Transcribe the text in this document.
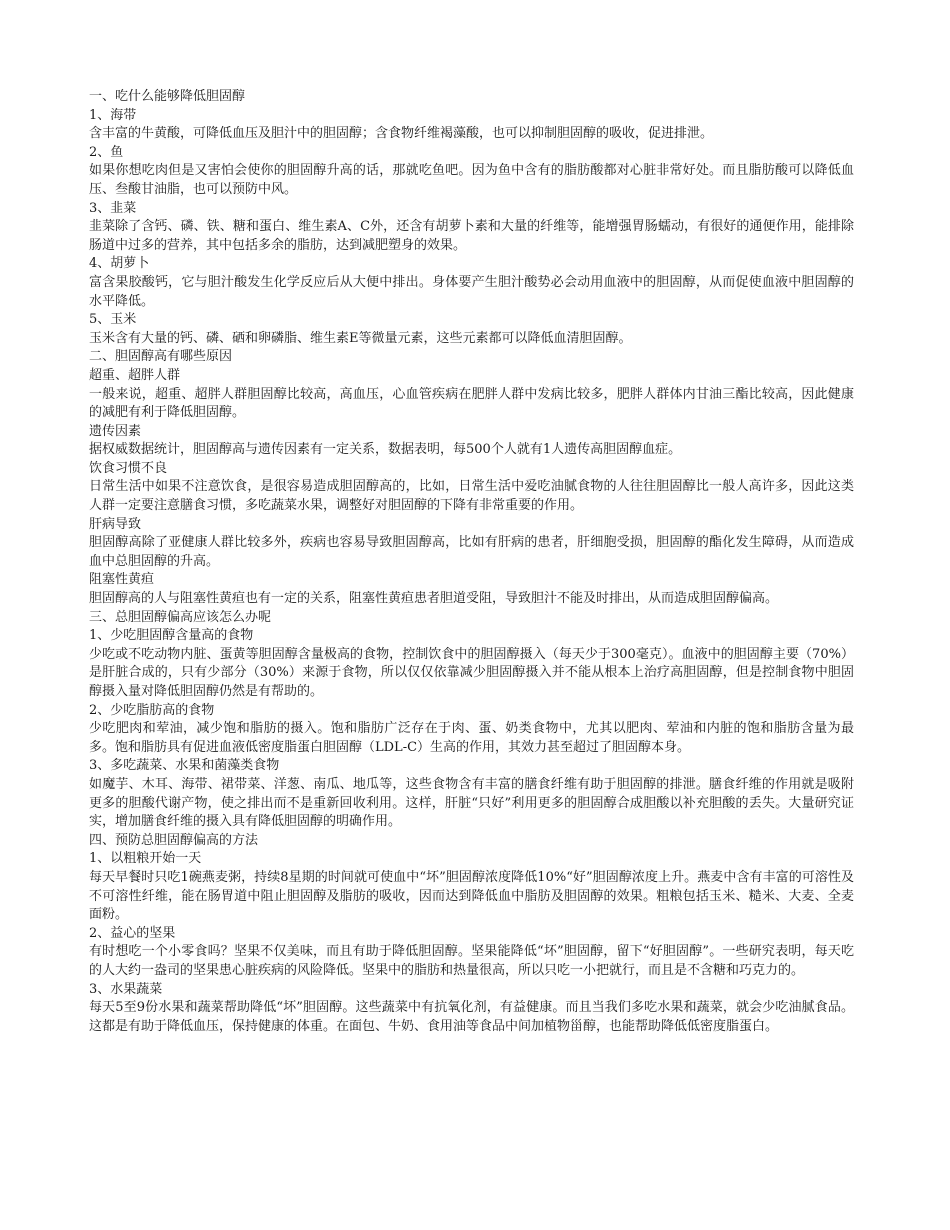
一、吃什么能够降低胆固醇

1、海带

含丰富的牛黄酸，可降低血压及胆汁中的胆固醇；含食物纤维褐藻酸，也可以抑制胆固醇的吸收，促进排泄。

2、鱼

如果你想吃肉但是又害怕会使你的胆固醇升高的话，那就吃鱼吧。因为鱼中含有的脂肪酸都对心脏非常好处。而且脂肪酸可以降低血压、叁酸甘油脂，也可以预防中风。

3、韭菜

韭菜除了含钙、磷、铁、糖和蛋白、维生素A、C外，还含有胡萝卜素和大量的纤维等，能增强胃肠蠕动，有很好的通便作用，能排除肠道中过多的营养，其中包括多余的脂肪，达到减肥塑身的效果。

4、胡萝卜

富含果胶酸钙，它与胆汁酸发生化学反应后从大便中排出。身体要产生胆汁酸势必会动用血液中的胆固醇，从而促使血液中胆固醇的水平降低。

5、玉米

玉米含有大量的钙、磷、硒和卵磷脂、维生素E等微量元素，这些元素都可以降低血清胆固醇。

二、胆固醇高有哪些原因

超重、超胖人群

一般来说，超重、超胖人群胆固醇比较高，高血压，心血管疾病在肥胖人群中发病比较多，肥胖人群体内甘油三酯比较高，因此健康的减肥有利于降低胆固醇。

遗传因素

据权威数据统计，胆固醇高与遗传因素有一定关系，数据表明，每500个人就有1人遗传高胆固醇血症。

饮食习惯不良

日常生活中如果不注意饮食，是很容易造成胆固醇高的，比如，日常生活中爱吃油腻食物的人往往胆固醇比一般人高许多，因此这类人群一定要注意膳食习惯，多吃蔬菜水果，调整好对胆固醇的下降有非常重要的作用。

肝病导致

胆固醇高除了亚健康人群比较多外，疾病也容易导致胆固醇高，比如有肝病的患者，肝细胞受损，胆固醇的酯化发生障碍，从而造成血中总胆固醇的升高。

阻塞性黄疸

胆固醇高的人与阻塞性黄疸也有一定的关系，阻塞性黄疸患者胆道受阻，导致胆汁不能及时排出，从而造成胆固醇偏高。

三、总胆固醇偏高应该怎么办呢

1、少吃胆固醇含量高的食物

少吃或不吃动物内脏、蛋黄等胆固醇含量极高的食物，控制饮食中的胆固醇摄入（每天少于300毫克）。血液中的胆固醇主要（70%）是肝脏合成的，只有少部分（30%）来源于食物，所以仅仅依靠减少胆固醇摄入并不能从根本上治疗高胆固醇，但是控制食物中胆固醇摄入量对降低胆固醇仍然是有帮助的。

2、少吃脂肪高的食物

少吃肥肉和荤油，减少饱和脂肪的摄入。饱和脂肪广泛存在于肉、蛋、奶类食物中，尤其以肥肉、荤油和内脏的饱和脂肪含量为最多。饱和脂肪具有促进血液低密度脂蛋白胆固醇（LDL-C）生高的作用，其效力甚至超过了胆固醇本身。

3、多吃蔬菜、水果和菌藻类食物

如魔芋、木耳、海带、裙带菜、洋葱、南瓜、地瓜等，这些食物含有丰富的膳食纤维有助于胆固醇的排泄。膳食纤维的作用就是吸附更多的胆酸代谢产物，使之排出而不是重新回收利用。这样，肝脏“只好”利用更多的胆固醇合成胆酸以补充胆酸的丢失。大量研究证实，增加膳食纤维的摄入具有降低胆固醇的明确作用。

四、预防总胆固醇偏高的方法

1、以粗粮开始一天

每天早餐时只吃1碗燕麦粥，持续8星期的时间就可使血中“坏”胆固醇浓度降低10%“好”胆固醇浓度上升。燕麦中含有丰富的可溶性及不可溶性纤维，能在肠胃道中阻止胆固醇及脂肪的吸收，因而达到降低血中脂肪及胆固醇的效果。粗粮包括玉米、糙米、大麦、全麦面粉。

2、益心的坚果

有时想吃一个小零食吗？坚果不仅美味，而且有助于降低胆固醇。坚果能降低“坏”胆固醇，留下“好胆固醇”。一些研究表明，每天吃的人大约一盎司的坚果患心脏疾病的风险降低。坚果中的脂肪和热量很高，所以只吃一小把就行，而且是不含糖和巧克力的。

3、水果蔬菜

每天5至9份水果和蔬菜帮助降低“坏”胆固醇。这些蔬菜中有抗氧化剂，有益健康。而且当我们多吃水果和蔬菜，就会少吃油腻食品。这都是有助于降低血压，保持健康的体重。在面包、牛奶、食用油等食品中间加植物甾醇，也能帮助降低低密度脂蛋白。
